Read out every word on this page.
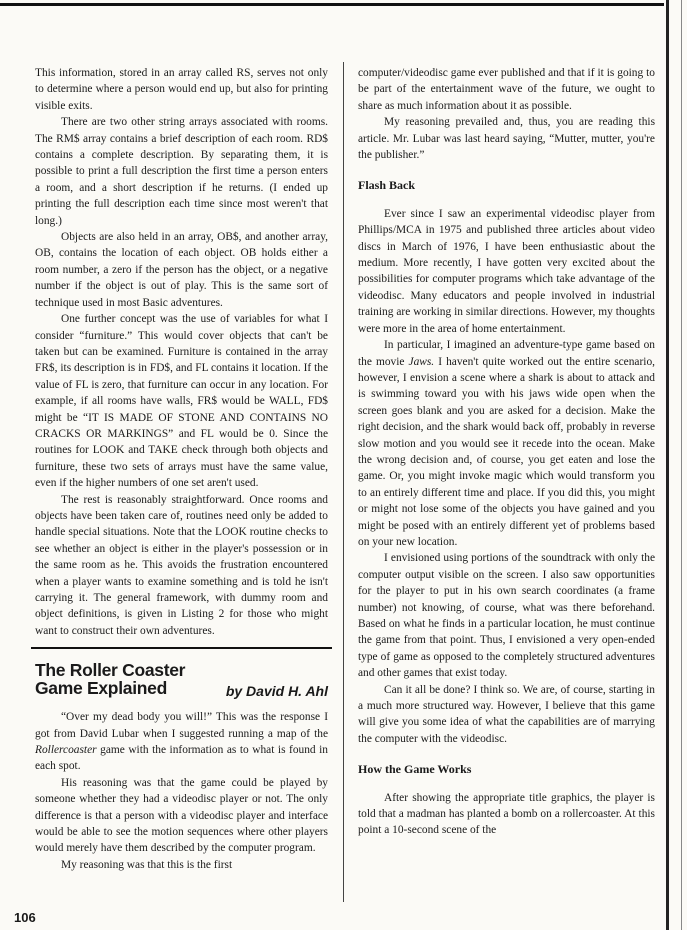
This information, stored in an array called RS, serves not only to determine where a person would end up, but also for printing visible exits.

There are two other string arrays associated with rooms. The RM$ array contains a brief description of each room. RD$ contains a complete description. By separating them, it is possible to print a full description the first time a person enters a room, and a short description if he returns. (I ended up printing the full description each time since most weren't that long.)

Objects are also held in an array, OB$, and another array, OB, contains the location of each object. OB holds either a room number, a zero if the person has the object, or a negative number if the object is out of play. This is the same sort of technique used in most Basic adventures.

One further concept was the use of variables for what I consider “furniture.” This would cover objects that can't be taken but can be examined. Furniture is contained in the array FR$, its description is in FD$, and FL contains it location. If the value of FL is zero, that furniture can occur in any location. For example, if all rooms have walls, FR$ would be WALL, FD$ might be “IT IS MADE OF STONE AND CONTAINS NO CRACKS OR MARKINGS” and FL would be 0. Since the routines for LOOK and TAKE check through both objects and furniture, these two sets of arrays must have the same value, even if the higher numbers of one set aren't used.

The rest is reasonably straightforward. Once rooms and objects have been taken care of, routines need only be added to handle special situations. Note that the LOOK routine checks to see whether an object is either in the player's possession or in the same room as he. This avoids the frustration encountered when a player wants to examine something and is told he isn't carrying it. The general framework, with dummy room and object definitions, is given in Listing 2 for those who might want to construct their own adventures.

The Roller Coaster
Game Explained	by David H. Ahl

“Over my dead body you will!” This was the response I got from David Lubar when I suggested running a map of the Rollercoaster game with the information as to what is found in each spot.

His reasoning was that the game could be played by someone whether they had a videodisc player or not. The only difference is that a person with a videodisc player and interface would be able to see the motion sequences where other players would merely have them described by the computer program.

My reasoning was that this is the first

computer/videodisc game ever published and that if it is going to be part of the entertainment wave of the future, we ought to share as much information about it as possible.

My reasoning prevailed and, thus, you are reading this article. Mr. Lubar was last heard saying, “Mutter, mutter, you're the publisher.”

Flash Back

Ever since I saw an experimental videodisc player from Phillips/MCA in 1975 and published three articles about video discs in March of 1976, I have been enthusiastic about the medium. More recently, I have gotten very excited about the possibilities for computer programs which take advantage of the videodisc. Many educators and people involved in industrial training are working in similar directions. However, my thoughts were more in the area of home entertainment.

In particular, I imagined an adventure-type game based on the movie Jaws. I haven't quite worked out the entire scenario, however, I envision a scene where a shark is about to attack and is swimming toward you with his jaws wide open when the screen goes blank and you are asked for a decision. Make the right decision, and the shark would back off, probably in reverse slow motion and you would see it recede into the ocean. Make the wrong decision and, of course, you get eaten and lose the game. Or, you might invoke magic which would transform you to an entirely different time and place. If you did this, you might or might not lose some of the objects you have gained and you might be posed with an entirely different yet of problems based on your new location.

I envisioned using portions of the soundtrack with only the computer output visible on the screen. I also saw opportunities for the player to put in his own search coordinates (a frame number) not knowing, of course, what was there beforehand. Based on what he finds in a particular location, he must continue the game from that point. Thus, I envisioned a very open-ended type of game as opposed to the completely structured adventures and other games that exist today.

Can it all be done? I think so. We are, of course, starting in a much more structured way. However, I believe that this game will give you some idea of what the capabilities are of marrying the computer with the videodisc.

How the Game Works

After showing the appropriate title graphics, the player is told that a madman has planted a bomb on a rollercoaster. At this point a 10-second scene of the

106
